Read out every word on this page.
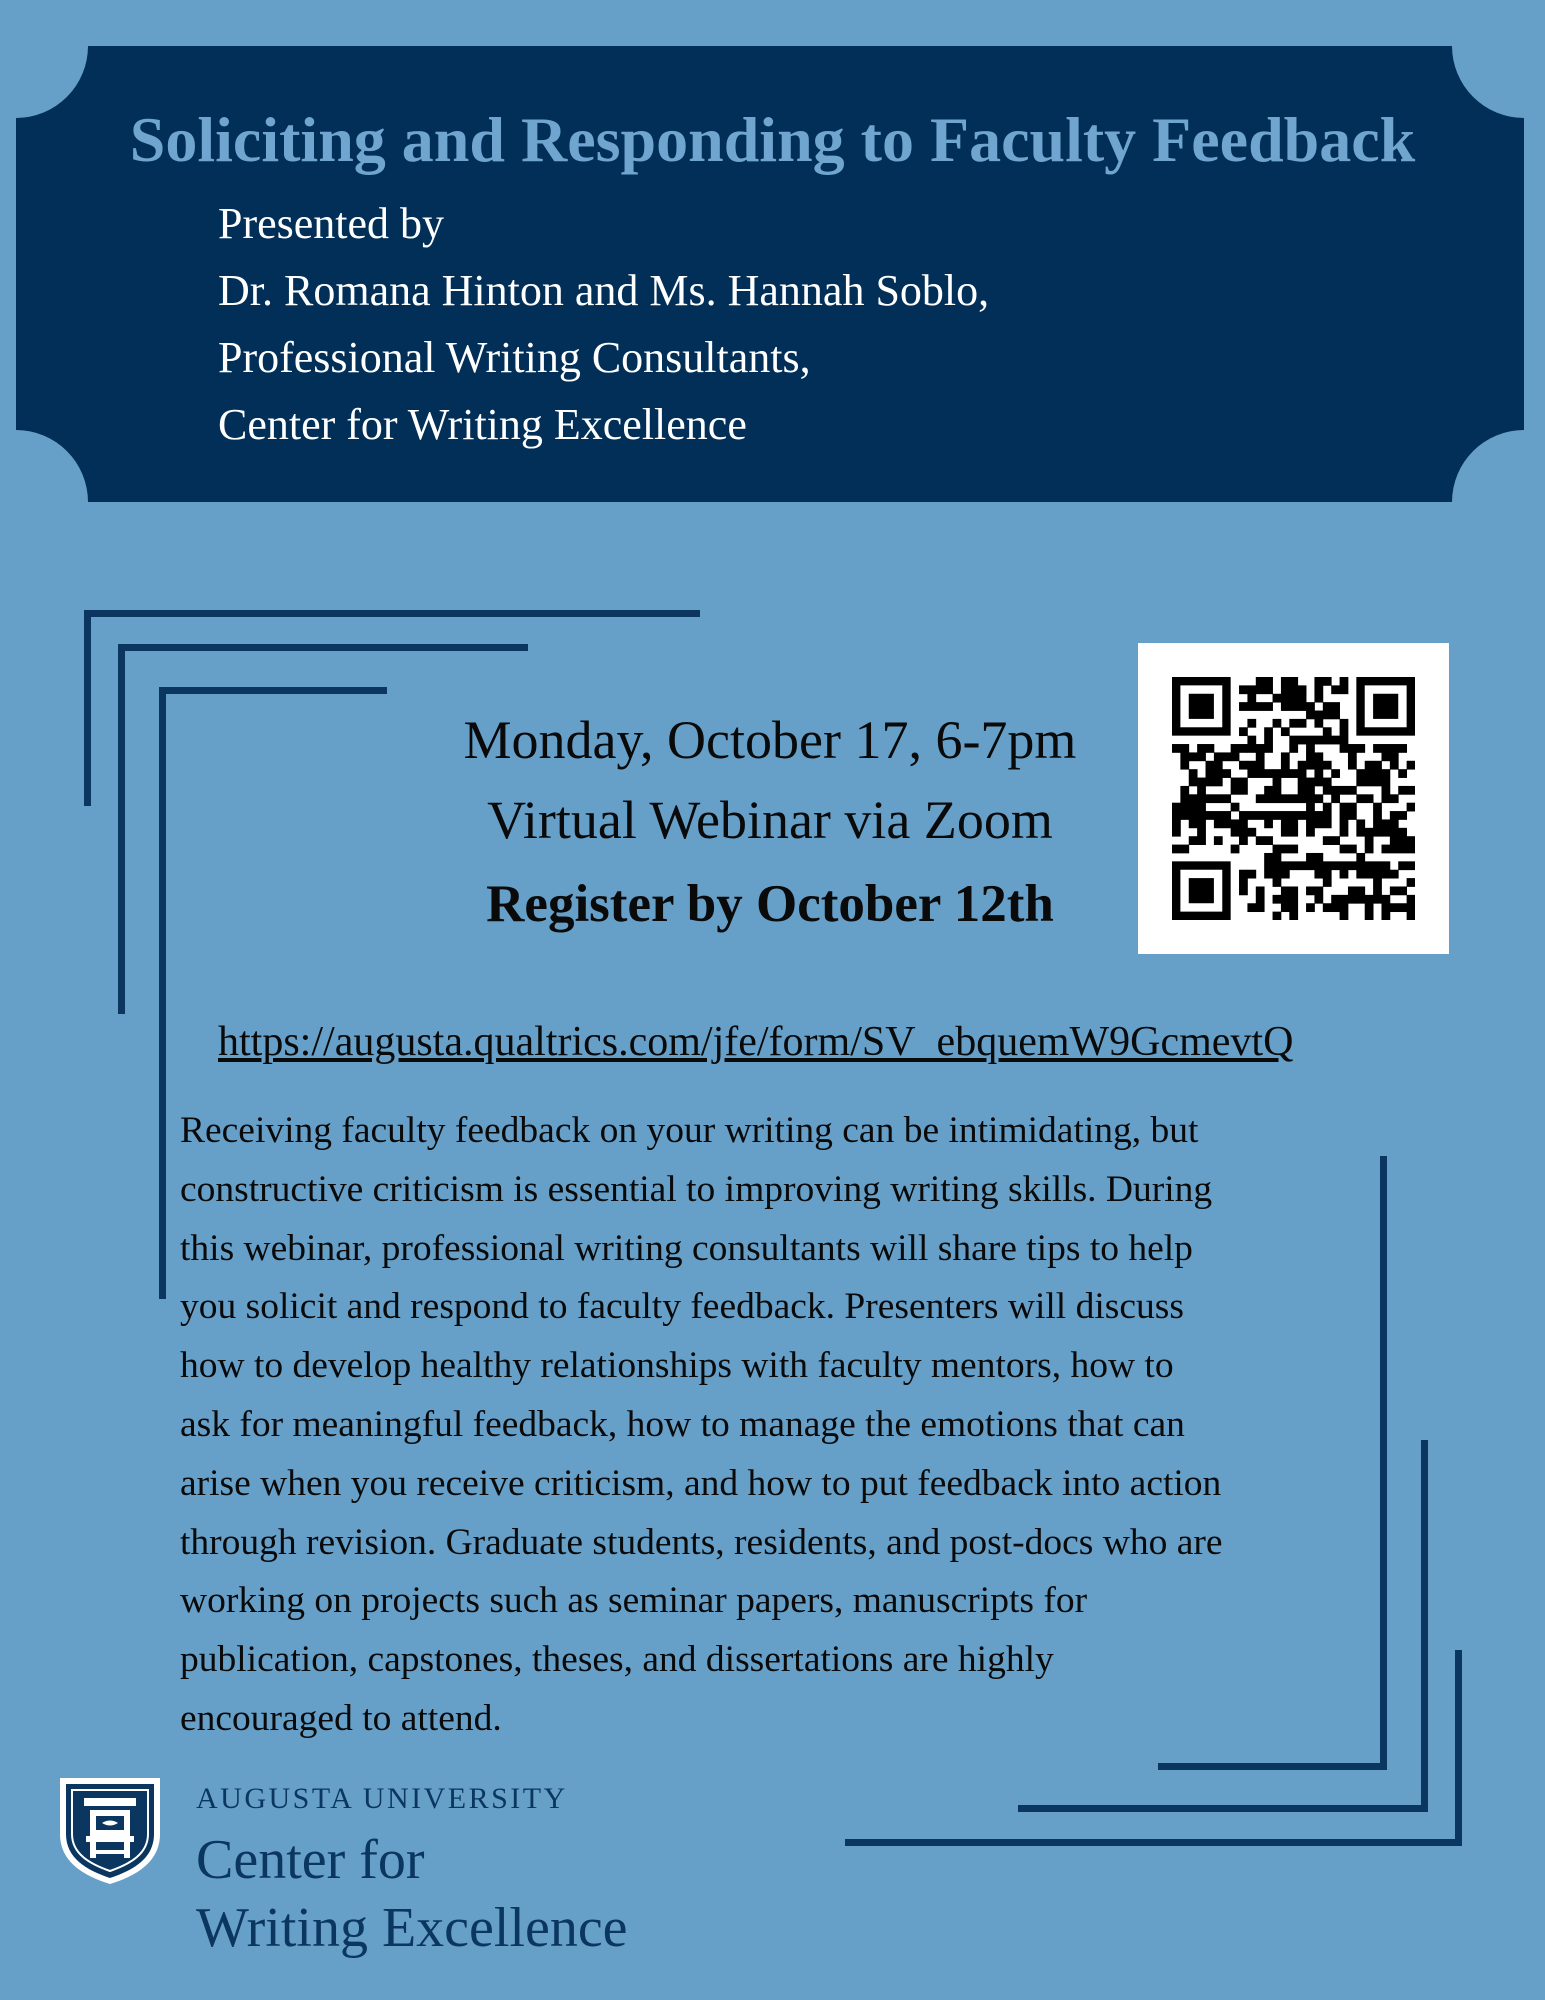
Soliciting and Responding to Faculty Feedback
Presented by
Dr. Romana Hinton and Ms. Hannah Soblo,
Professional Writing Consultants,
Center for Writing Excellence
Monday, October 17, 6-7pm
Virtual Webinar via Zoom
Register by October 12th
https://augusta.qualtrics.com/jfe/form/SV_ebquemW9GcmevtQ
Receiving faculty feedback on your writing can be intimidating, but
constructive criticism is essential to improving writing skills. During
this webinar, professional writing consultants will share tips to help
you solicit and respond to faculty feedback. Presenters will discuss
how to develop healthy relationships with faculty mentors, how to
ask for meaningful feedback, how to manage the emotions that can
arise when you receive criticism, and how to put feedback into action
through revision. Graduate students, residents, and post-docs who are
working on projects such as seminar papers, manuscripts for
publication, capstones, theses, and dissertations are highly
encouraged to attend.
AUGUSTA UNIVERSITY
Center for
Writing Excellence
